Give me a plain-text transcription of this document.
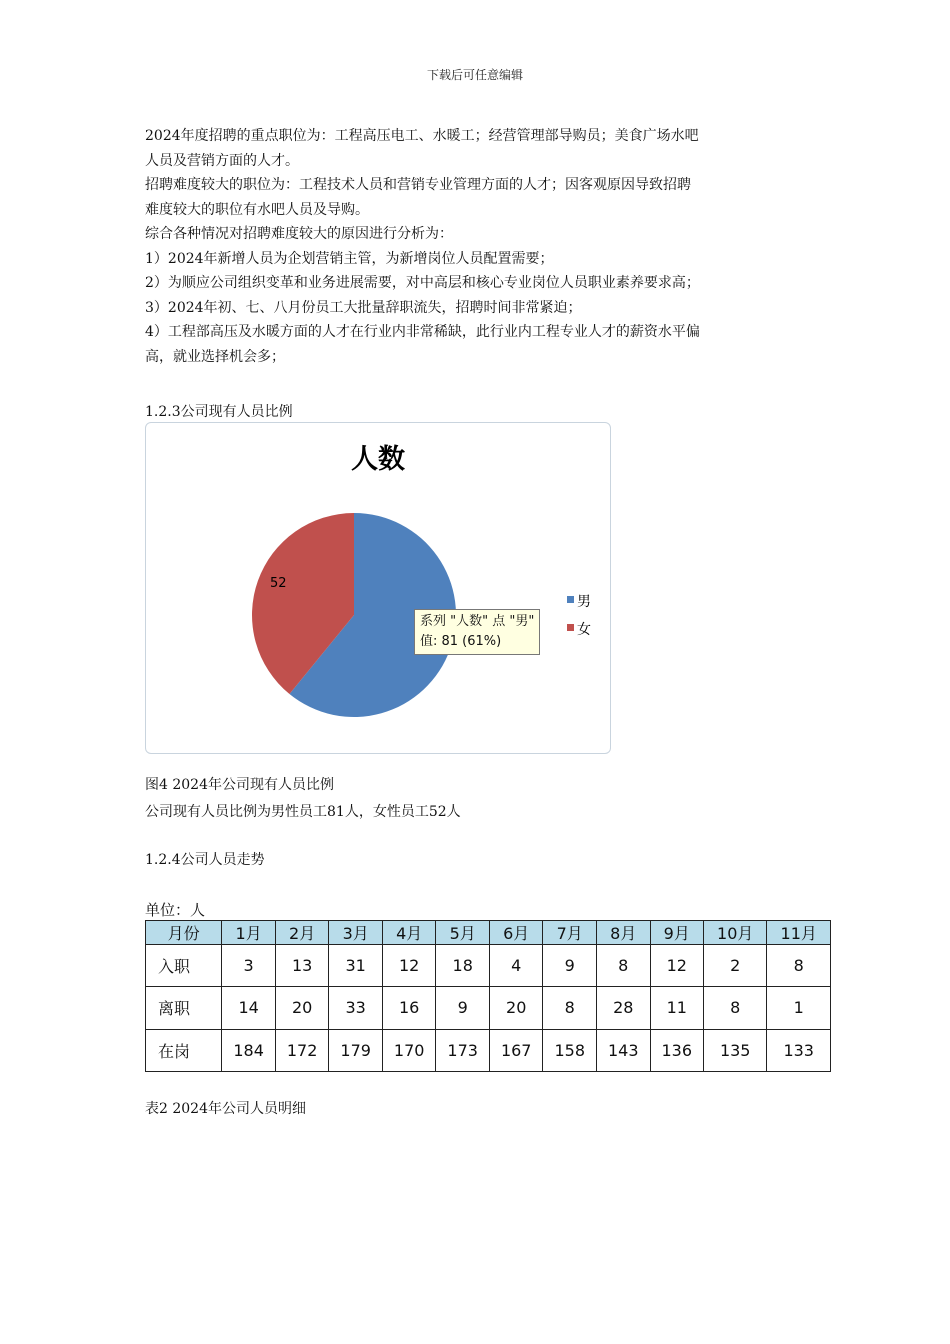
下载后可任意编辑

2024年度招聘的重点职位为：工程高压电工、水暖工；经营管理部导购员；美食广场水吧

人员及营销方面的人才。

招聘难度较大的职位为：工程技术人员和营销专业管理方面的人才；因客观原因导致招聘

难度较大的职位有水吧人员及导购。

综合各种情况对招聘难度较大的原因进行分析为：

1）2024年新增人员为企划营销主管，为新增岗位人员配置需要；

2）为顺应公司组织变革和业务进展需要，对中高层和核心专业岗位人员职业素养要求高；

3）2024年初、七、八月份员工大批量辞职流失，招聘时间非常紧迫；

4）工程部高压及水暖方面的人才在行业内非常稀缺，此行业内工程专业人才的薪资水平偏

高，就业选择机会多；

1.2.3公司现有人员比例
人数
52
男
女
系列 "人数" 点 "男"
值: 81 (61%)
图4 2024年公司现有人员比例
公司现有人员比例为男性员工81人，女性员工52人
1.2.4公司人员走势
单位：人
月份	1月	2月	3月	4月	5月	6月	7月	8月	9月	10月	11月
入职	3	13	31	12	18	4	9	8	12	2	8
离职	14	20	33	16	9	20	8	28	11	8	1
在岗	184	172	179	170	173	167	158	143	136	135	133
表2 2024年公司人员明细
